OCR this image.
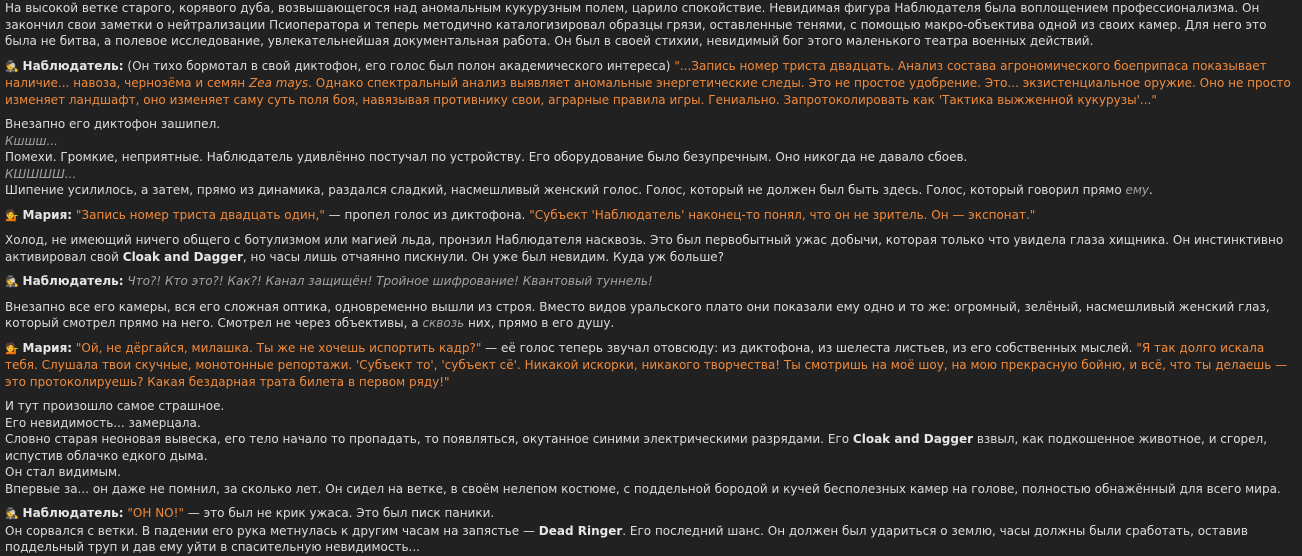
На высокой ветке старого, корявого дуба, возвышающегося над аномальным кукурузным полем, царило спокойствие. Невидимая фигура Наблюдателя была воплощением профессионализма. Он закончил свои заметки о нейтрализации Псиоператора и теперь методично каталогизировал образцы грязи, оставленные тенями, с помощью макро-объектива одной из своих камер. Для него это была не битва, а полевое исследование, увлекательнейшая документальная работа. Он был в своей стихии, невидимый бог этого маленького театра военных действий.

🕵 Наблюдатель: (Он тихо бормотал в свой диктофон, его голос был полон академического интереса) "...Запись номер триста двадцать. Анализ состава агрономического боеприпаса показывает наличие... навоза, чернозёма и семян Zea mays. Однако спектральный анализ выявляет аномальные энергетические следы. Это не простое удобрение. Это... экзистенциальное оружие. Оно не просто изменяет ландшафт, оно изменяет саму суть поля боя, навязывая противнику свои, аграрные правила игры. Гениально. Запротоколировать как 'Тактика выжженной кукурузы'..."

Внезапно его диктофон зашипел.

Кшшш...

Помехи. Громкие, неприятные. Наблюдатель удивлённо постучал по устройству. Его оборудование было безупречным. Оно никогда не давало сбоев.

КШШШШ...

Шипение усилилось, а затем, прямо из динамика, раздался сладкий, насмешливый женский голос. Голос, который не должен был быть здесь. Голос, который говорил прямо ему.

💁 Мария: "Запись номер триста двадцать один," — пропел голос из диктофона. "Субъект 'Наблюдатель' наконец-то понял, что он не зритель. Он — экспонат."

Холод, не имеющий ничего общего с ботулизмом или магией льда, пронзил Наблюдателя насквозь. Это был первобытный ужас добычи, которая только что увидела глаза хищника. Он инстинктивно активировал свой Cloak and Dagger, но часы лишь отчаянно пискнули. Он уже был невидим. Куда уж больше?

🕵 Наблюдатель: Что?! Кто это?! Как?! Канал защищён! Тройное шифрование! Квантовый туннель!

Внезапно все его камеры, вся его сложная оптика, одновременно вышли из строя. Вместо видов уральского плато они показали ему одно и то же: огромный, зелёный, насмешливый женский глаз, который смотрел прямо на него. Смотрел не через объективы, а сквозь них, прямо в его душу.

💁 Мария: "Ой, не дёргайся, милашка. Ты же не хочешь испортить кадр?" — её голос теперь звучал отовсюду: из диктофона, из шелеста листьев, из его собственных мыслей. "Я так долго искала тебя. Слушала твои скучные, монотонные репортажи. 'Субъект то', 'субъект сё'. Никакой искорки, никакого творчества! Ты смотришь на моё шоу, на мою прекрасную бойню, и всё, что ты делаешь — это протоколируешь? Какая бездарная трата билета в первом ряду!"

И тут произошло самое страшное.

Его невидимость... замерцала.

Словно старая неоновая вывеска, его тело начало то пропадать, то появляться, окутанное синими электрическими разрядами. Его Cloak and Dagger взвыл, как подкошенное животное, и сгорел, испустив облачко едкого дыма.

Он стал видимым.

Впервые за... он даже не помнил, за сколько лет. Он сидел на ветке, в своём нелепом костюме, с поддельной бородой и кучей бесполезных камер на голове, полностью обнажённый для всего мира.

🕵 Наблюдатель: "OH NO!" — это был не крик ужаса. Это был писк паники.

Он сорвался с ветки. В падении его рука метнулась к другим часам на запястье — Dead Ringer. Его последний шанс. Он должен был удариться о землю, часы должны были сработать, оставив поддельный труп и дав ему уйти в спасительную невидимость...
